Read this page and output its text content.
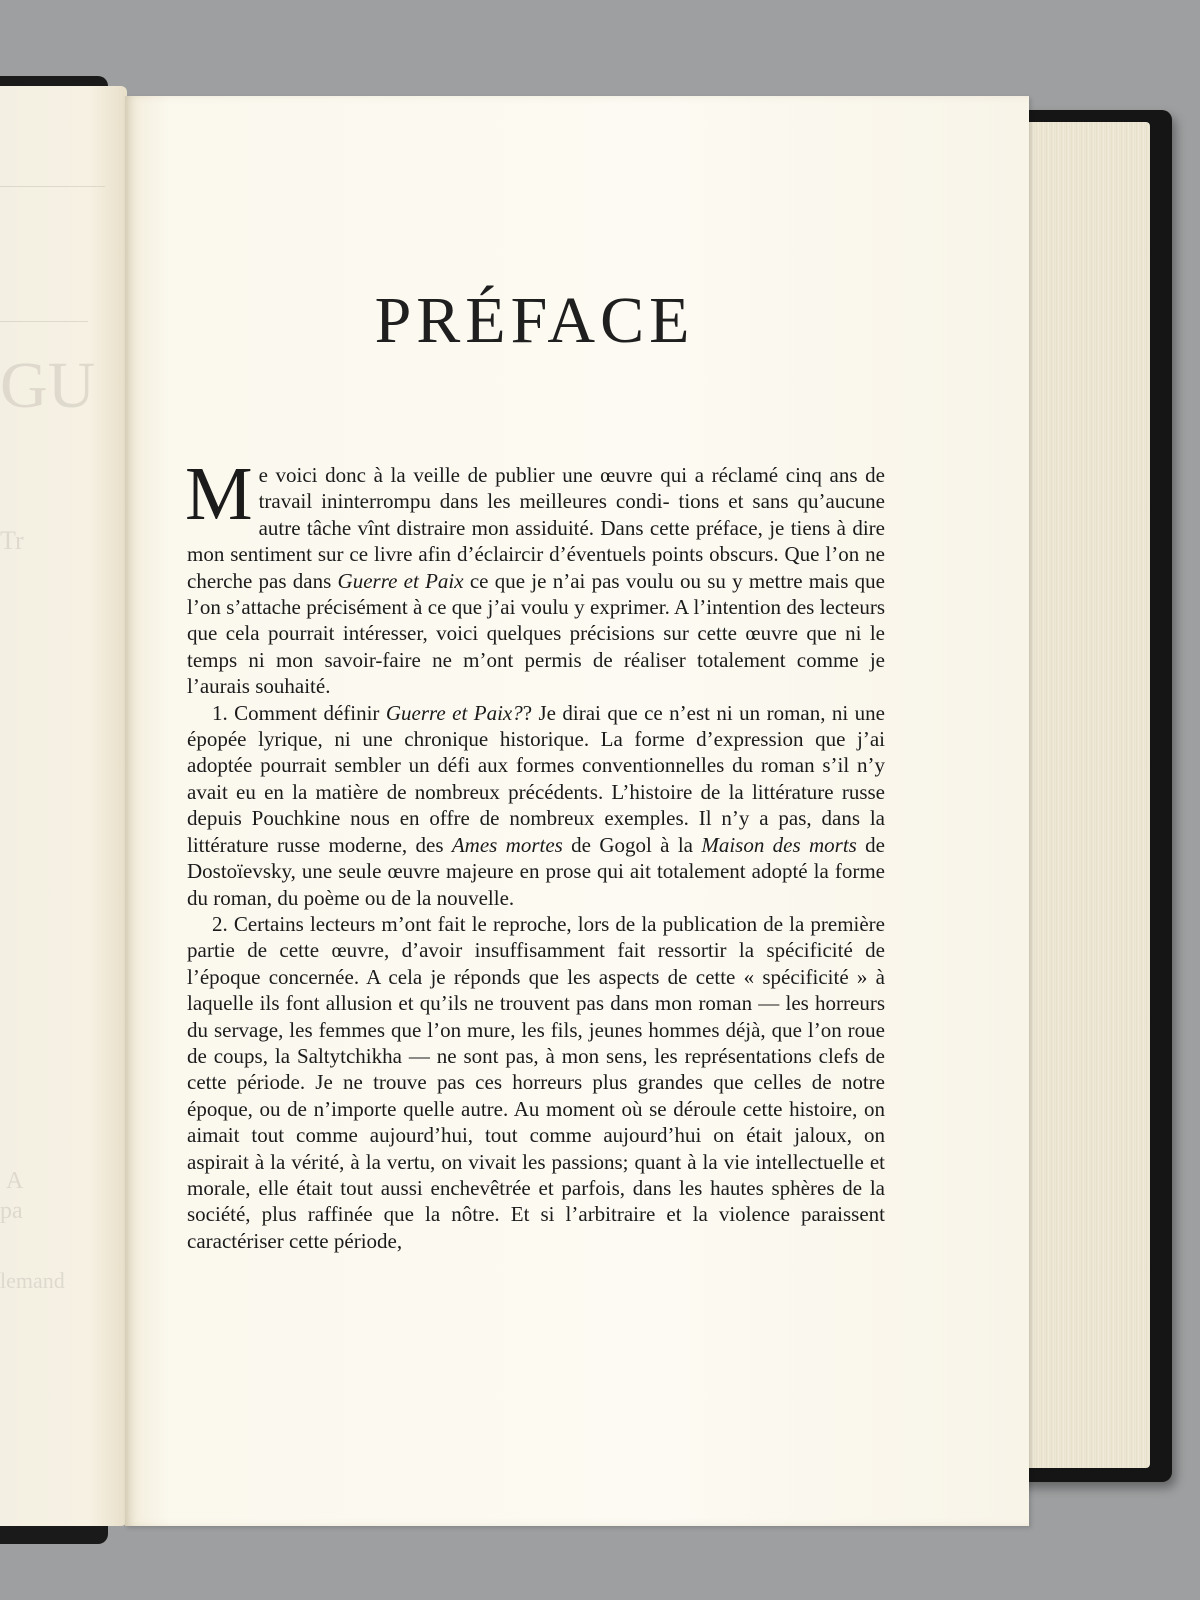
GU
Tr
A
pa
lemand
PRÉFACE

Me voici donc à la veille de publier une œuvre qui a réclamé cinq ans de travail ininterrompu dans les meilleures condi- tions et sans qu’aucune autre tâche vînt distraire mon assiduité. Dans cette préface, je tiens à dire mon sentiment sur ce livre afin d’éclaircir d’éventuels points obscurs. Que l’on ne cherche pas dans Guerre et Paix ce que je n’ai pas voulu ou su y mettre mais que l’on s’attache précisément à ce que j’ai voulu y exprimer. A l’intention des lecteurs que cela pourrait intéresser, voici quelques précisions sur cette œuvre que ni le temps ni mon savoir-faire ne m’ont permis de réaliser totalement comme je l’aurais souhaité.

1. Comment définir Guerre et Paix?? Je dirai que ce n’est ni un roman, ni une épopée lyrique, ni une chronique historique. La forme d’expression que j’ai adoptée pourrait sembler un défi aux formes conventionnelles du roman s’il n’y avait eu en la matière de nombreux précédents. L’histoire de la littérature russe depuis Pouchkine nous en offre de nombreux exemples. Il n’y a pas, dans la littérature russe moderne, des Ames mortes de Gogol à la Maison des morts de Dostoïevsky, une seule œuvre majeure en prose qui ait totalement adopté la forme du roman, du poème ou de la nouvelle.

2. Certains lecteurs m’ont fait le reproche, lors de la publication de la première partie de cette œuvre, d’avoir insuffisamment fait ressortir la spécificité de l’époque concernée. A cela je réponds que les aspects de cette « spécificité » à laquelle ils font allusion et qu’ils ne trouvent pas dans mon roman — les horreurs du servage, les femmes que l’on mure, les fils, jeunes hommes déjà, que l’on roue de coups, la Saltytchikha — ne sont pas, à mon sens, les représentations clefs de cette période. Je ne trouve pas ces horreurs plus grandes que celles de notre époque, ou de n’importe quelle autre. Au moment où se déroule cette histoire, on aimait tout comme aujourd’hui, tout comme aujourd’hui on était jaloux, on aspirait à la vérité, à la vertu, on vivait les passions; quant à la vie intellectuelle et morale, elle était tout aussi enchevêtrée et parfois, dans les hautes sphères de la société, plus raffinée que la nôtre. Et si l’arbitraire et la violence paraissent caractériser cette période,
